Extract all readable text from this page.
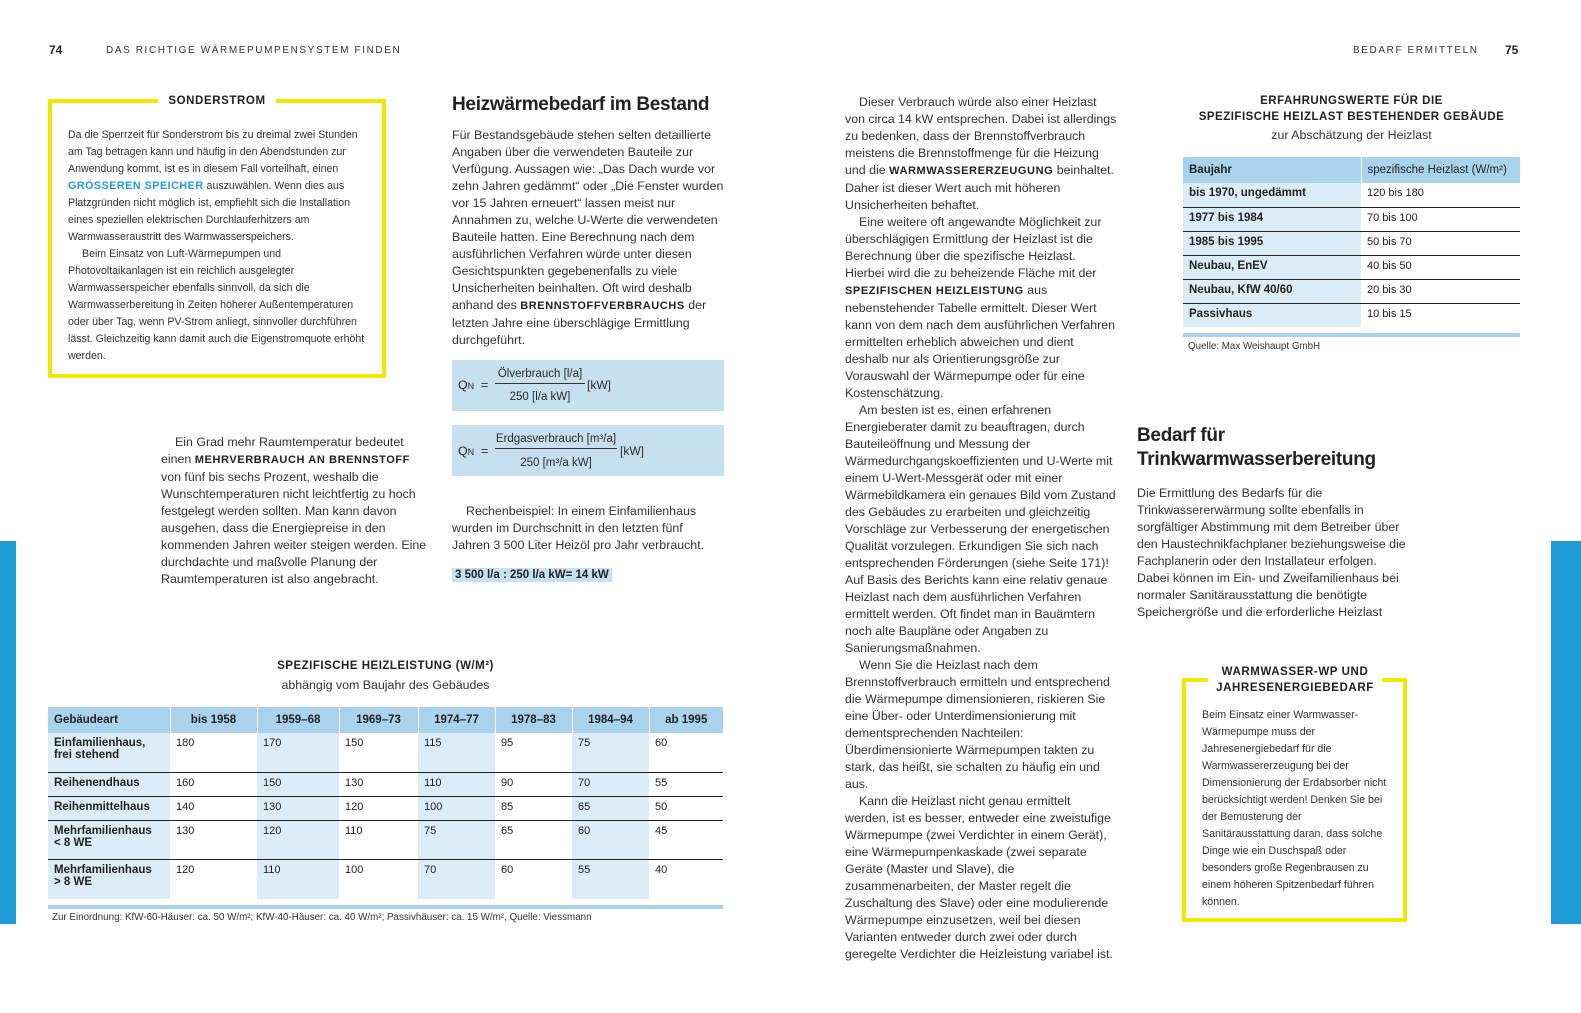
74	DAS RICHTIGE WÄRMEPUMPENSYSTEM FINDEN	BEDARF ERMITTELN 75
SONDERSTROM

Da die Sperrzeit für Sonderstrom bis zu dreimal zwei Stunden am Tag betragen kann und häufig in den Abendstunden zur Anwendung kommt, ist es in diesem Fall vorteilhaft, einen GRÖSSEREN SPEICHER auszuwählen. Wenn dies aus Platzgründen nicht möglich ist, empfiehlt sich die Installation eines speziellen elektrischen Durchlauferhitzers am Warmwasseraustritt des Warmwasserspeichers.

Beim Einsatz von Luft-Wärmepumpen und Photovoltaikanlagen ist ein reichlich ausgelegter Warmwasserspeicher ebenfalls sinnvoll, da sich die Warmwasserbereitung in Zeiten höherer Außentemperaturen oder über Tag, wenn PV-Strom anliegt, sinnvoller durchführen lässt. Gleichzeitig kann damit auch die Eigenstromquote erhöht werden.

Ein Grad mehr Raumtemperatur bedeutet einen MEHRVERBRAUCH AN BRENNSTOFF von fünf bis sechs Prozent, weshalb die Wunschtemperaturen nicht leichtfertig zu hoch festgelegt werden sollten. Man kann davon ausgehen, dass die Energiepreise in den kommenden Jahren weiter steigen werden. Eine durchdachte und maßvolle Planung der Raumtemperaturen ist also angebracht.

Heizwärmebedarf im Bestand

Für Bestandsgebäude stehen selten detaillierte Angaben über die verwendeten Bauteile zur Verfügung. Aussagen wie: „Das Dach wurde vor zehn Jahren gedämmt“ oder „Die Fenster wurden vor 15 Jahren erneuert“ lassen meist nur Annahmen zu, welche U-Werte die verwendeten Bauteile hatten. Eine Berechnung nach dem ausführlichen Verfahren würde unter diesen Gesichtspunkten gegebenenfalls zu viele Unsicherheiten beinhalten. Oft wird deshalb anhand des BRENNSTOFFVERBRAUCHS der letzten Jahre eine überschlägige Ermittlung durchgeführt.

QN =
Ölverbrauch [l/a]
250 [l/a kW]
[kW]
QN =
Erdgasverbrauch [m³/a]
250 [m³/a kW]
[kW]

Rechenbeispiel: In einem Einfamilienhaus wurden im Durchschnitt in den letzten fünf Jahren 3 500 Liter Heizöl pro Jahr verbraucht.

3 500 l/a : 250 l/a kW= 14 kW
SPEZIFISCHE HEIZLEISTUNG (W/M²)
abhängig vom Baujahr des Gebäudes
Gebäudeart	bis 1958	1959–68	1969–73	1974–77	1978–83	1984–94	ab 1995

Einfamilienhaus,
frei stehend	180	170	150	115	95	75	60
Reihenendhaus	160	150	130	110	90	70	55
Reihenmittelhaus	140	130	120	100	85	65	50

Mehrfamilienhaus
< 8 WE	130	120	110	75	65	60	45

Mehrfamilienhaus
> 8 WE	120	110	100	70	60	55	40
Zur Einordnung: KfW-60-Häuser: ca. 50 W/m²; KfW-40-Häuser: ca. 40 W/m²; Passivhäuser: ca. 15 W/m², Quelle: Viessmann

Dieser Verbrauch würde also einer Heizlast von circa 14 kW entsprechen. Dabei ist allerdings zu bedenken, dass der Brennstoffverbrauch meistens die Brennstoffmenge für die Heizung und die WARMWASSERERZEUGUNG beinhaltet. Daher ist dieser Wert auch mit höheren Unsicherheiten behaftet.

Eine weitere oft angewandte Möglichkeit zur überschlägigen Ermittlung der Heizlast ist die Berechnung über die spezifische Heizlast. Hierbei wird die zu beheizende Fläche mit der SPEZIFISCHEN HEIZLEISTUNG aus nebenstehender Tabelle ermittelt. Dieser Wert kann von dem nach dem ausführlichen Verfahren ermittelten erheblich abweichen und dient deshalb nur als Orientierungsgröße zur Vorauswahl der Wärmepumpe oder für eine Kostenschätzung.

Am besten ist es, einen erfahrenen Energieberater damit zu beauftragen, durch Bauteileöffnung und Messung der Wärmedurchgangskoeffizienten und U-Werte mit einem U-Wert-Messgerät oder mit einer Wärmebildkamera ein genaues Bild vom Zustand des Gebäudes zu erarbeiten und gleichzeitig Vorschläge zur Verbesserung der energetischen Qualität vorzulegen. Erkundigen Sie sich nach entsprechenden Förderungen (siehe Seite 171)! Auf Basis des Berichts kann eine relativ genaue Heizlast nach dem ausführlichen Verfahren ermittelt werden. Oft findet man in Bauämtern noch alte Baupläne oder Angaben zu Sanierungsmaßnahmen.

Wenn Sie die Heizlast nach dem Brennstoffverbrauch ermitteln und entsprechend die Wärmepumpe dimensionieren, riskieren Sie eine Über- oder Unterdimensionierung mit dementsprechenden Nachteilen: Überdimensionierte Wärmepumpen takten zu stark, das heißt, sie schalten zu häufig ein und aus.

Kann die Heizlast nicht genau ermittelt werden, ist es besser, entweder eine zweistufige Wärmepumpe (zwei Verdichter in einem Gerät), eine Wärmepumpenkaskade (zwei separate Geräte (Master und Slave), die zusammenarbeiten, der Master regelt die Zuschaltung des Slave) oder eine modulierende Wärmepumpe einzusetzen, weil bei diesen Varianten entweder durch zwei oder durch geregelte Verdichter die Heizleistung variabel ist.

ERFAHRUNGSWERTE FÜR DIE
SPEZIFISCHE HEIZLAST BESTEHENDER GEBÄUDE
zur Abschätzung der Heizlast
Baujahr	spezifische Heizlast (W/m²)
bis 1970, ungedämmt	120 bis 180
1977 bis 1984	70 bis 100
1985 bis 1995	50 bis 70
Neubau, EnEV	40 bis 50
Neubau, KfW 40/60	20 bis 30
Passivhaus	10 bis 15
Quelle: Max Weishaupt GmbH
Bedarf für Trinkwarmwasserbereitung

Die Ermittlung des Bedarfs für die Trinkwassererwärmung sollte ebenfalls in sorgfältiger Abstimmung mit dem Betreiber über den Haustechnikfachplaner beziehungsweise die Fachplanerin oder den Installateur erfolgen. Dabei können im Ein- und Zweifamilienhaus bei normaler Sanitärausstattung die benötigte Speichergröße und die erforderliche Heizlast

WARMWASSER-WP UND
JAHRESENERGIEBEDARF

Beim Einsatz einer Warmwasser-Wärmepumpe muss der Jahresenergiebedarf für die Warmwassererzeugung bei der Dimensionierung der Erdabsorber nicht berücksichtigt werden! Denken Sie bei der Bemusterung der Sanitärausstattung daran, dass solche Dinge wie ein Duschspaß oder besonders große Regenbrausen zu einem höheren Spitzenbedarf führen können.
